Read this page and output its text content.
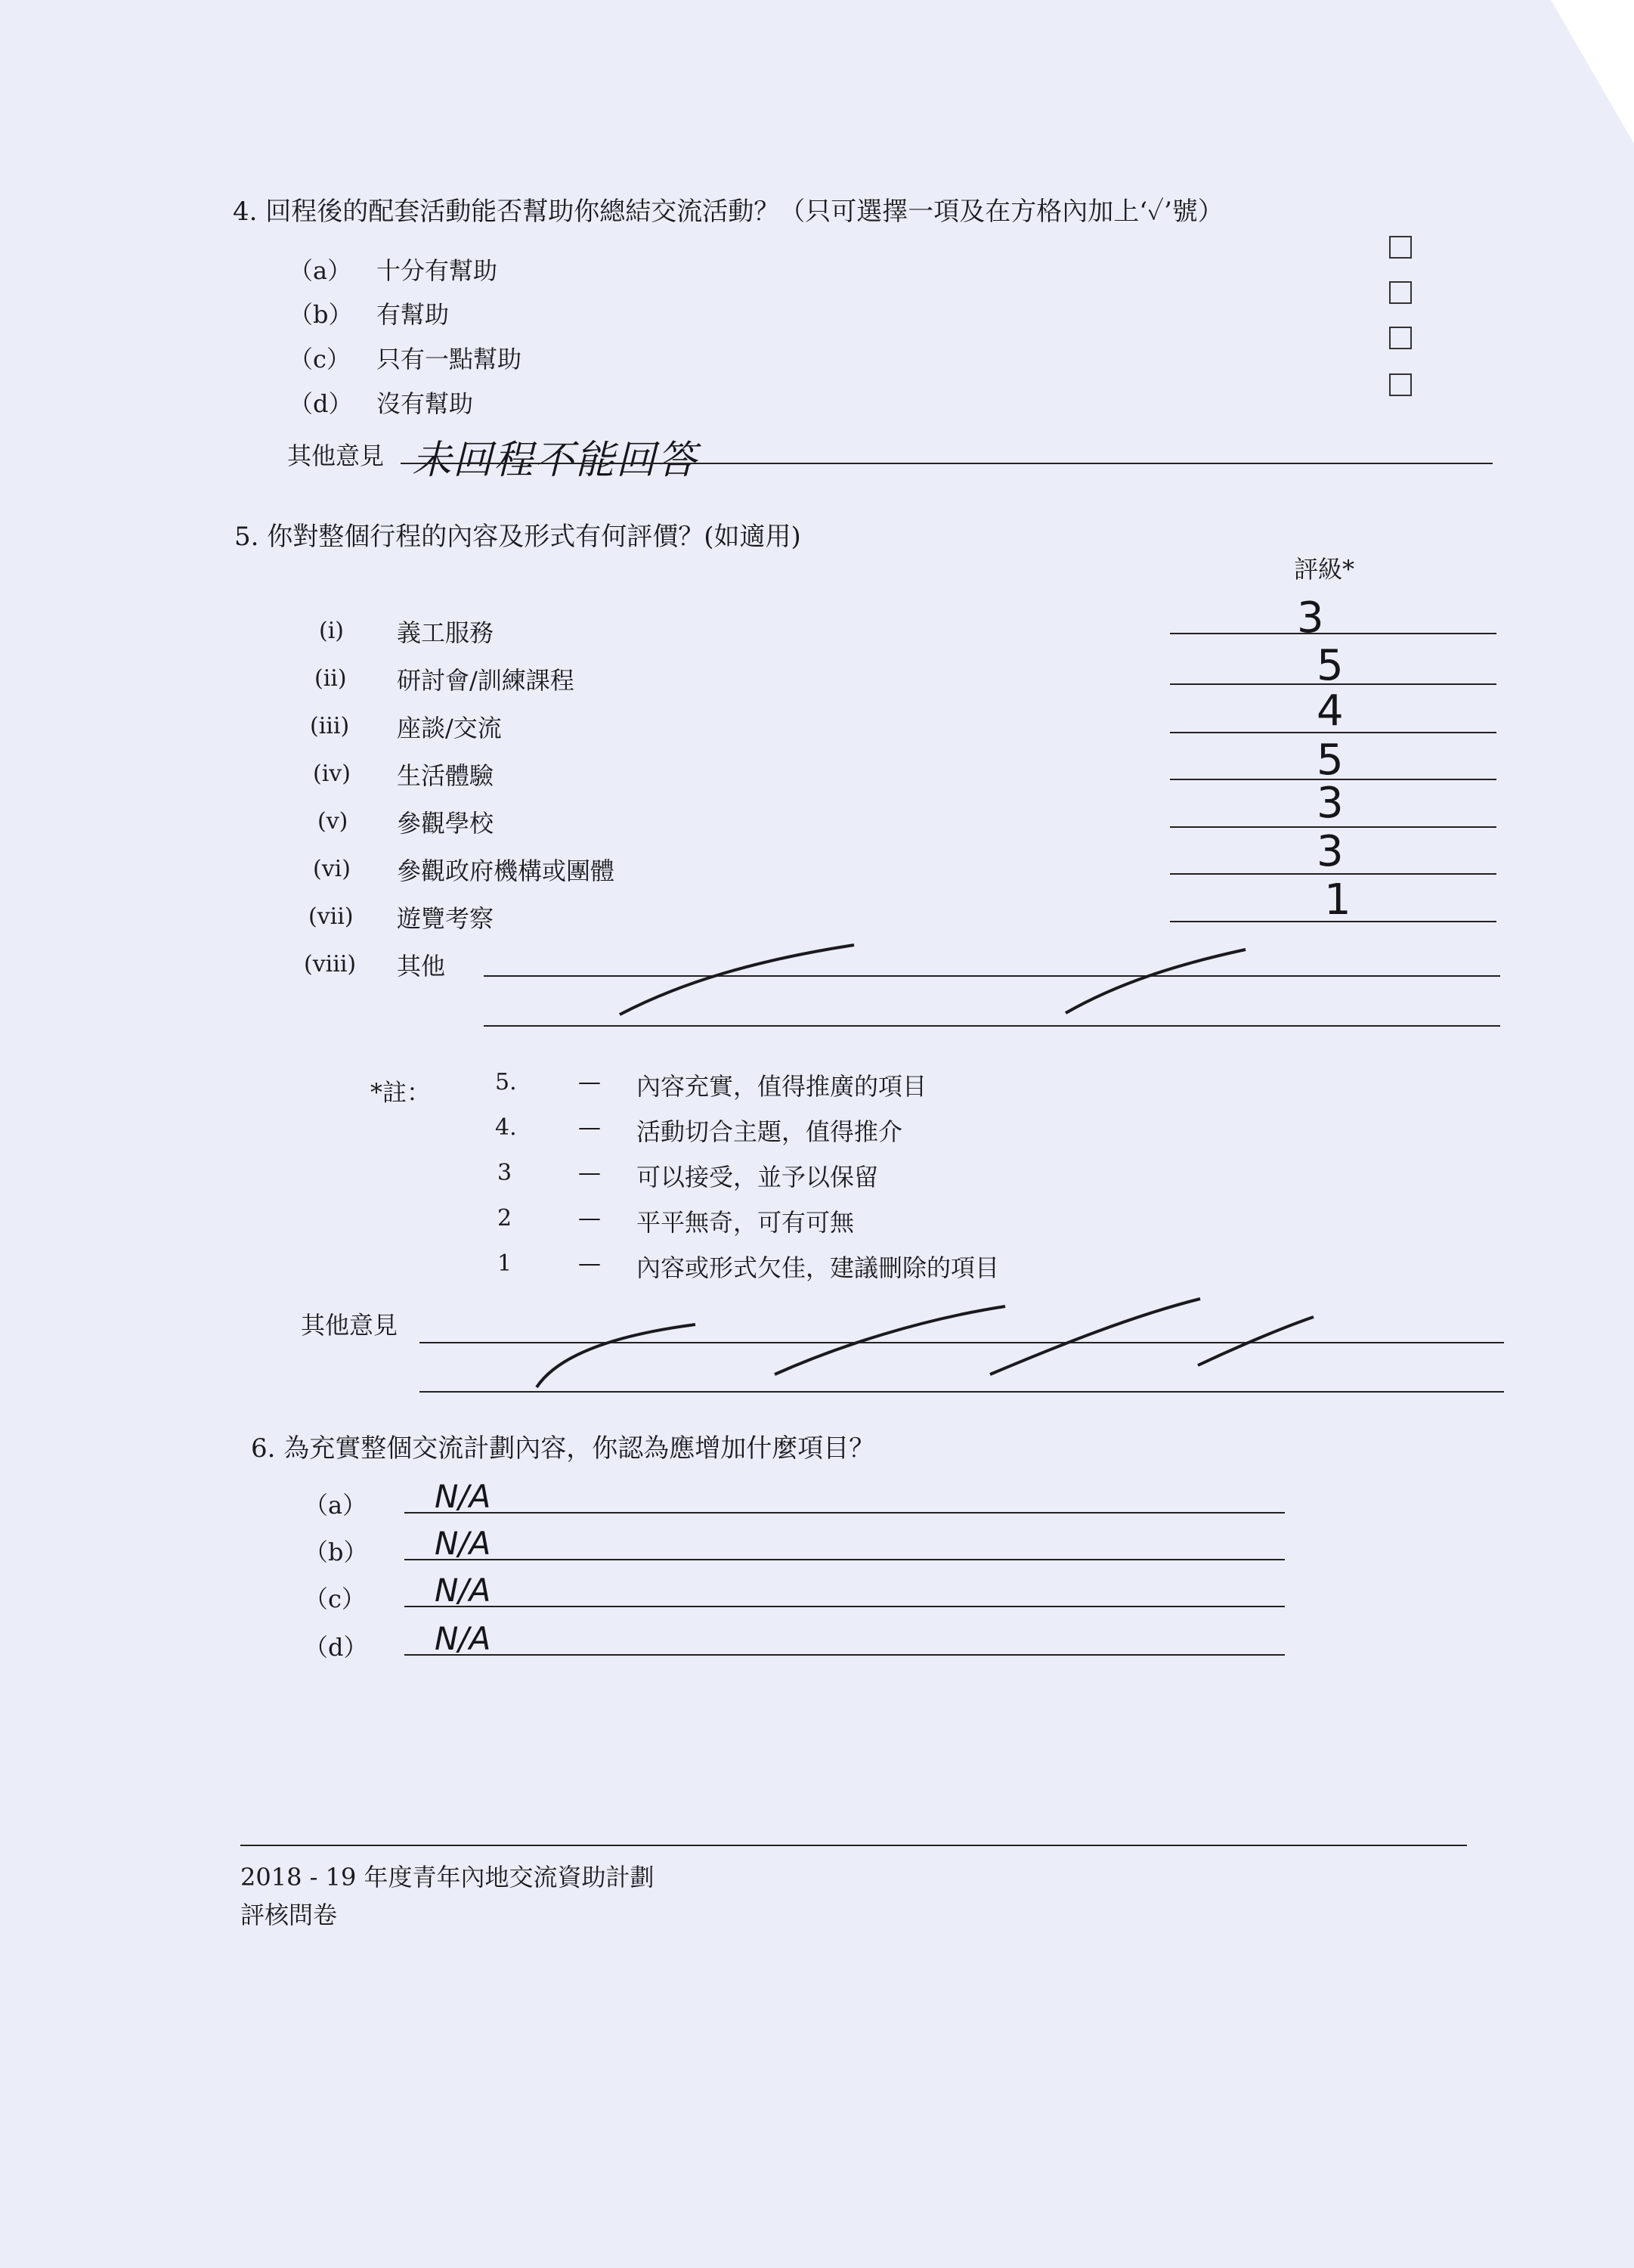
4. 回程後的配套活動能否幫助你總結交流活動？（只可選擇一項及在方格內加上‘✓’號）
（a） 十分有幫助
（b） 有幫助
（c） 只有一點幫助
（d） 沒有幫助
其他意見 未回程不能回答
5. 你對整個行程的內容及形式有何評價？(如適用)
評級*
(i) 義工服務	3
(ii) 研討會/訓練課程	5
(iii) 座談/交流	4
(iv) 生活體驗	5
(v) 參觀學校	3
(vi) 參觀政府機構或團體	3
(vii) 遊覽考察	1
(viii) 其他
*註：	5.	— 內容充實，值得推廣的項目
4.	— 活動切合主題，值得推介
3	— 可以接受，並予以保留
2	— 平平無奇，可有可無
1	— 內容或形式欠佳，建議刪除的項目
其他意見
6. 為充實整個交流計劃內容，你認為應增加什麼項目？
（a） N/A
（b） N/A
（c） N/A
（d） N/A
2018 - 19 年度青年內地交流資助計劃
評核問卷
